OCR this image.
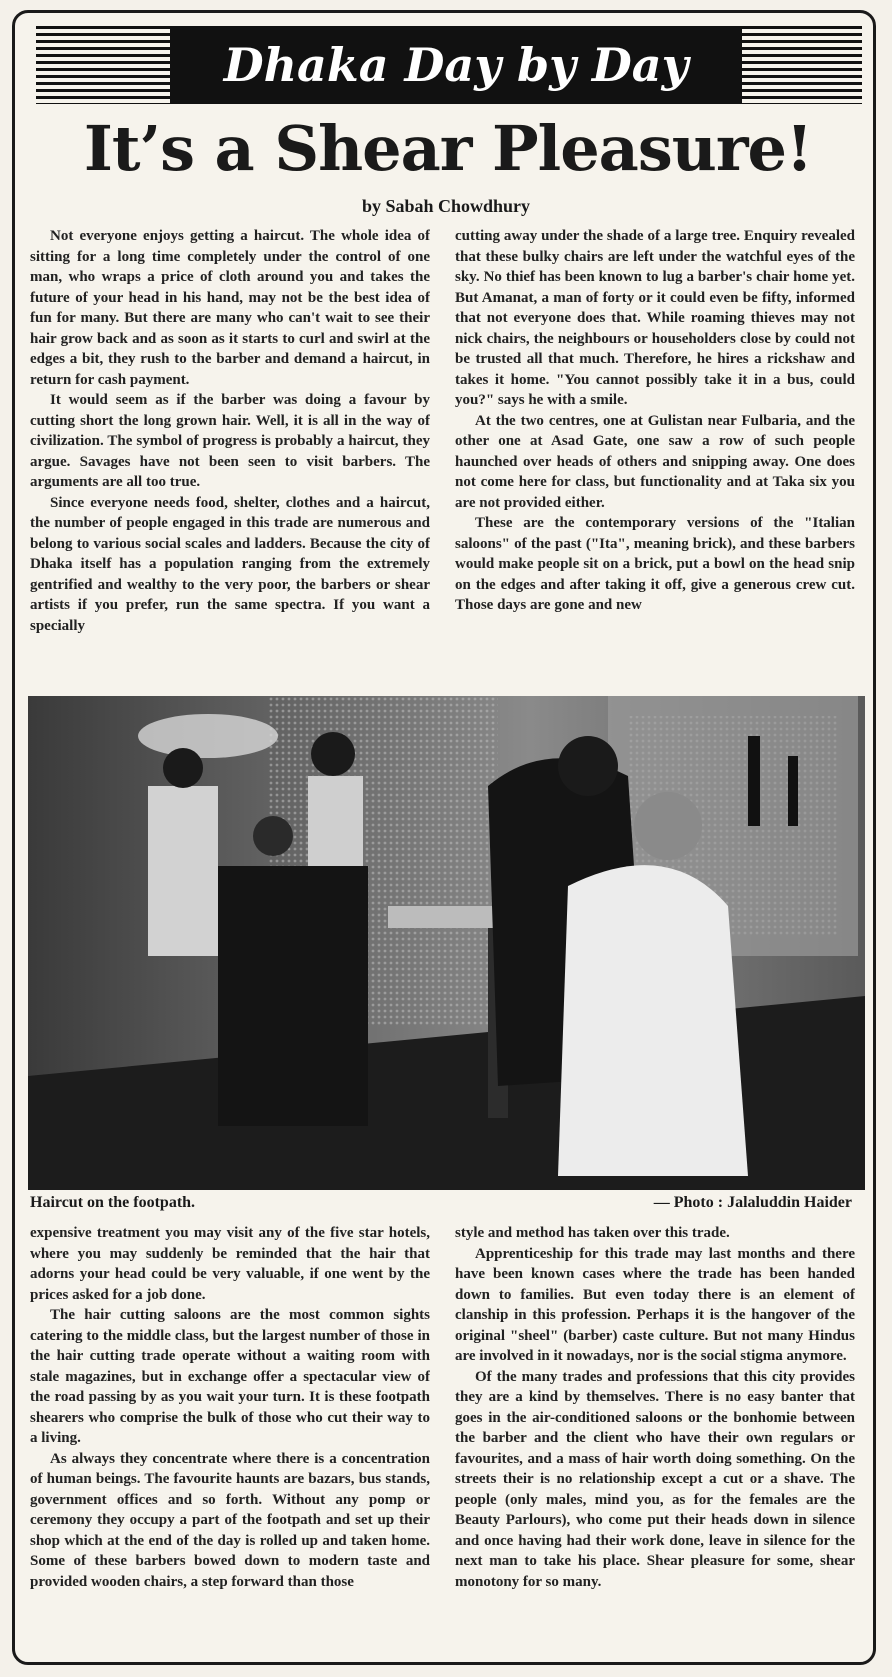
Dhaka Day by Day
It’s a Shear Pleasure!
by Sabah Chowdhury

Not everyone enjoys getting a haircut. The whole idea of sitting for a long time completely under the control of one man, who wraps a price of cloth around you and takes the future of your head in his hand, may not be the best idea of fun for many. But there are many who can't wait to see their hair grow back and as soon as it starts to curl and swirl at the edges a bit, they rush to the barber and demand a haircut, in return for cash payment.

It would seem as if the barber was doing a favour by cutting short the long grown hair. Well, it is all in the way of civilization. The symbol of progress is probably a haircut, they argue. Savages have not been seen to visit barbers. The arguments are all too true.

Since everyone needs food, shelter, clothes and a haircut, the number of people engaged in this trade are numerous and belong to various social scales and ladders. Because the city of Dhaka itself has a population ranging from the extremely gentrified and wealthy to the very poor, the barbers or shear artists if you prefer, run the same spectra. If you want a specially

cutting away under the shade of a large tree. Enquiry revealed that these bulky chairs are left under the watchful eyes of the sky. No thief has been known to lug a barber's chair home yet. But Amanat, a man of forty or it could even be fifty, informed that not everyone does that. While roaming thieves may not nick chairs, the neighbours or householders close by could not be trusted all that much. Therefore, he hires a rickshaw and takes it home. "You cannot possibly take it in a bus, could you?" says he with a smile.

At the two centres, one at Gulistan near Fulbaria, and the other one at Asad Gate, one saw a row of such people haunched over heads of others and snipping away. One does not come here for class, but functionality and at Taka six you are not provided either.

These are the contemporary versions of the "Italian saloons" of the past ("Ita", meaning brick), and these barbers would make people sit on a brick, put a bowl on the head snip on the edges and after taking it off, give a generous crew cut. Those days are gone and new

Haircut on the footpath.	— Photo : Jalaluddin Haider

expensive treatment you may visit any of the five star hotels, where you may suddenly be reminded that the hair that adorns your head could be very valuable, if one went by the prices asked for a job done.

The hair cutting saloons are the most common sights catering to the middle class, but the largest number of those in the hair cutting trade operate without a waiting room with stale magazines, but in exchange offer a spectacular view of the road passing by as you wait your turn. It is these footpath shearers who comprise the bulk of those who cut their way to a living.

As always they concentrate where there is a concentration of human beings. The favourite haunts are bazars, bus stands, government offices and so forth. Without any pomp or ceremony they occupy a part of the footpath and set up their shop which at the end of the day is rolled up and taken home. Some of these barbers bowed down to modern taste and provided wooden chairs, a step forward than those

style and method has taken over this trade.

Apprenticeship for this trade may last months and there have been known cases where the trade has been handed down to families. But even today there is an element of clanship in this profession. Perhaps it is the hangover of the original "sheel" (barber) caste culture. But not many Hindus are involved in it nowadays, nor is the social stigma anymore.

Of the many trades and professions that this city provides they are a kind by themselves. There is no easy banter that goes in the air-conditioned saloons or the bonhomie between the barber and the client who have their own regulars or favourites, and a mass of hair worth doing something. On the streets their is no relationship except a cut or a shave. The people (only males, mind you, as for the females are the Beauty Parlours), who come put their heads down in silence and once having had their work done, leave in silence for the next man to take his place. Shear pleasure for some, shear monotony for so many.
